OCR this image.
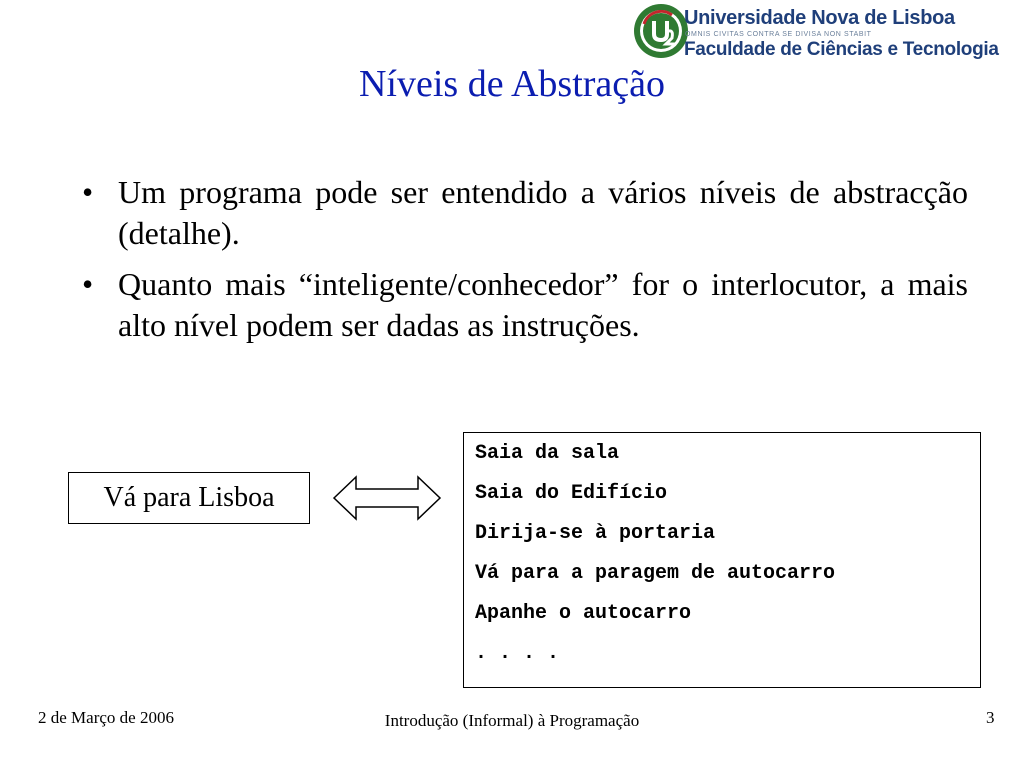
Universidade Nova de Lisboa
OMNIS CIVITAS CONTRA SE DIVISA NON STABIT
Faculdade de Ciências e Tecnologia
Níveis de Abstração
• Um programa pode ser entendido a vários níveis de abstracção (detalhe).
• Quanto mais “inteligente/conhecedor” for o interlocutor, a mais alto nível podem ser dadas as instruções.
Vá para Lisboa
Saia da sala
Saia do Edifício
Dirija-se à portaria
Vá para a paragem de autocarro
Apanhe o autocarro
. . . .
2 de Março de 2006	Introdução (Informal) à Programação	3
